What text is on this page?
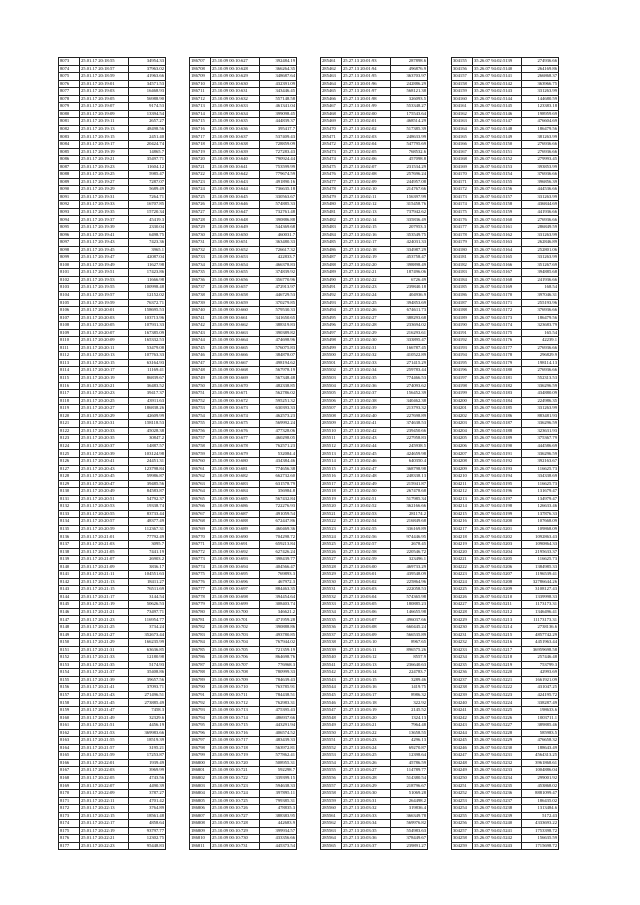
8073	25.01.17 20:18:55	34954.33
8074	25.01.17 20:18:57	37963.02
8075	25.01.17 20:18:59	41963.66
8076	25.01.17 20:19:01	34571.53
8077	25.01.17 20:19:03	16468.93
8078	25.01.17 20:19:05	56988.90
8079	25.01.17 20:19:07	9174.53
8080	25.01.17 20:19:09	13394.54
8081	25.01.17 20:19:11	2657.27
8082	25.01.17 20:19:13	48498.56
8083	25.01.17 20:19:15	2451.40
8084	25.01.17 20:19:17	20424.74
8085	25.01.17 20:19:19	14865.7
8086	25.01.17 20:19:21	35497.71
8087	25.01.17 20:19:23	11604.12
8088	25.01.17 20:19:25	5985.47
8089	25.01.17 20:19:27	7287.07
8090	25.01.17 20:19:29	5689.49
8091	25.01.17 20:19:31	7264.71
8092	25.01.17 20:19:33	16707.85
8093	25.01.17 20:19:35	15720.34
8094	25.01.17 20:19:37	45419.3
8095	25.01.17 20:19:39	2330.04
8096	25.01.17 20:19:41	6498.75
8097	25.01.17 20:19:43	7423.36
8098	25.01.17 20:19:45	3965.1
8099	25.01.17 20:19:47	42087.04
8100	25.01.17 20:19:49	11627.98
8101	25.01.17 20:19:51	17423.86
8102	25.01.17 20:19:53	11666.98
8103	25.01.17 20:19:55	100998.48
8104	25.01.17 20:19:57	12152.02
8105	25.01.17 20:19:59	76372.71
8106	25.01.17 20:20:01	158695.53
8107	25.01.17 20:20:03	103713.96
8108	25.01.17 20:20:05	107931.33
8109	25.01.17 20:20:07	167385.09
8110	25.01.17 20:20:09	165332.53
8111	25.01.17 20:20:11	53479.08
8112	25.01.17 20:20:13	107763.33
8113	25.01.17 20:20:15	63164.93
8114	25.01.17 20:20:17	11169.41
8115	25.01.17 20:20:19	86839.67
8116	25.01.17 20:20:21	36483.52
8117	25.01.17 20:20:23	39417.37
8118	25.01.17 20:20:25	43911.63
8119	25.01.17 20:20:27	186838.26
8120	25.01.17 20:20:29	42609.99
8121	25.01.17 20:20:31	158118.53
8122	25.01.17 20:20:33	45028.38
8123	25.01.17 20:20:35	30847.2
8124	25.01.17 20:20:37	14887.57
8125	25.01.17 20:20:39	103124.98
8126	25.01.17 20:20:41	24451.31
8127	25.01.17 20:20:43	123798.84
8128	25.01.17 20:20:45	59986.87
8129	25.01.17 20:20:47	39485.56
8130	25.01.17 20:20:49	84583.87
8131	25.01.17 20:20:51	54792.37
8132	25.01.17 20:20:53	19338.74
8133	25.01.17 20:20:55	83733.44
8134	25.01.17 20:20:57	48377.49
8135	25.01.17 20:20:59	112367.31
8136	25.01.17 20:21:01	77792.49
8137	25.01.17 20:21:03	3095.7
8138	25.01.17 20:21:05	7441.19
8139	25.01.17 20:21:07	26903.2
8140	25.01.17 20:21:09	3836.17
8141	25.01.17 20:21:11	104551.63
8142	25.01.17 20:21:13	18411.27
8143	25.01.17 20:21:15	76511.69
8144	25.01.17 20:21:17	3144.54
8145	25.01.17 20:21:19	50626.53
8146	25.01.17 20:21:21	73497.71
8147	25.01.17 20:21:23	116954.77
8148	25.01.17 20:21:25	3734.24
8149	25.01.17 20:21:27	352673.44
8150	25.01.17 20:21:29	166235.99
8151	25.01.17 20:21:31	63636.85
8152	25.01.17 20:21:33	12180.98
8153	25.01.17 20:21:35	5174.93
8154	25.01.17 20:21:37	35408.86
8155	25.01.17 20:21:39	39657.56
8156	25.01.17 20:21:41	37093.71
8157	25.01.17 20:21:43	271496.51
8158	25.01.17 20:21:45	273885.49
8159	25.01.17 20:21:47	7458.3
8160	25.01.17 20:21:49	32329.6
8161	25.01.17 20:21:51	4456.19
8162	25.01.17 20:21:53	369983.66
8163	25.01.17 20:21:55	18519.39
8164	25.01.17 20:21:57	3195.21
8165	25.01.17 20:21:59	17253.87
8166	25.01.17 20:22:01	1939.49
8167	25.01.17 20:22:03	3969.99
8168	25.01.17 20:22:05	4743.56
8169	25.01.17 20:22:07	4490.39
8170	25.01.17 20:22:09	3787.27
8171	25.01.17 20:22:11	4701.42
8172	25.01.17 20:22:13	3764.89
8173	25.01.17 20:22:15	18561.48
8174	25.01.17 20:22:17	4858.64
8175	25.01.17 20:22:19	93797.77
8176	25.01.17 20:22:21	12302.75
8177	25.01.17 20:22:23	95448.83
186707	25.10.09 00:10:627	392484.19
186708	25.10.09 00:10:628	366264.35
186709	25.10.09 00:10:629	348687.64
186710	25.10.09 00:10:630	432391.09
186711	25.10.09 00:10:631	343446.45
186712	25.10.09 00:10:632	557148.58
186713	25.10.09 00:10:633	461341.04
186714	25.10.09 00:10:634	399098.45
186715	25.10.09 00:10:635	444839.37
186716	25.10.09 00:10:636	395417.7
186717	25.10.09 00:10:637	537409.43
186718	25.10.09 00:10:638	728859.09
186719	25.10.09 00:10:639	727283.43
186720	25.10.09 00:10:640	790924.44
186721	25.10.09 00:10:641	753599.99
186722	25.10.09 00:10:642	779674.59
186723	25.10.09 00:10:643	491890.16
186724	25.10.09 00:10:644	736635.18
186725	25.10.09 00:10:645	330563.67
186726	25.10.09 00:10:646	574885.33
186727	25.10.09 00:10:647	732761.48
186728	25.10.09 00:10:648	390886.88
186729	25.10.09 00:10:649	544369.68
186730	25.10.09 00:10:650	460031.7
186731	25.10.09 00:10:651	363480.33
186732	25.10.09 00:10:652	726617.32
186733	25.10.09 00:10:653	422833.7
186734	25.10.09 00:10:654	466378.83
186735	25.10.09 00:10:655	374839.92
186736	25.10.09 00:10:656	356770.96
186737	25.10.09 00:10:657	472913.97
186738	25.10.09 00:10:658	446729.53
186739	25.10.09 00:10:659	370279.85
186740	25.10.09 00:10:660	579530.33
186741	25.10.09 00:10:661	341650.65
186742	25.10.09 00:10:662	388319.83
186743	25.10.09 00:10:663	390389.82
186744	25.10.09 00:10:664	474698.96
186745	25.10.09 00:10:665	576075.83
186746	25.10.09 00:10:666	384878.07
186747	25.10.09 00:10:667	498194.62
186748	25.10.09 00:10:668	567978.19
186749	25.10.09 00:10:669	567348.48
186750	25.10.09 00:10:670	482338.85
186751	25.10.09 00:10:671	562786.02
186752	25.10.09 00:10:672	595251.32
186753	25.10.09 00:10:673	630393.33
186754	25.10.09 00:10:674	462573.23
186755	25.10.09 00:10:675	569992.24
186756	25.10.09 00:10:676	477328.06
186757	25.10.09 00:10:677	460298.05
186758	25.10.09 00:10:678	762571.23
186759	25.10.09 00:10:679	532084.4
186760	25.10.09 00:10:680	434384.46
186761	25.10.09 00:10:681	774656.38
186762	25.10.09 00:10:682	662732.60
186763	25.10.09 00:10:683	631578.79
186764	25.10.09 00:10:684	356984.8
186765	25.10.09 00:10:685	567432.84
186766	25.10.09 00:10:686	722276.93
186767	25.10.09 00:10:687	491059.54
186768	25.10.09 00:10:688	672447.86
186769	25.10.09 00:10:689	460469.36
186770	25.10.09 00:10:690	704298.72
186771	25.10.09 00:10:691	659213.84
186772	25.10.09 00:10:692	627426.24
186773	25.10.09 00:10:693	398439.77
186774	25.10.09 00:10:694	404566.47
186775	25.10.09 00:10:695	769893.3
186776	25.10.09 00:10:696	467972.3
186777	25.10.09 00:10:697	884463.35
186778	25.10.09 00:10:698	394454.64
186779	25.10.09 00:10:699	308403.74
186780	25.10.09 00:10:700	346621.2
186781	25.10.09 00:10:701	471959.28
186782	25.10.09 00:10:702	390888.86
186783	25.10.09 00:10:703	493780.85
186784	25.10.09 00:10:704	767944.02
186785	25.10.09 00:10:705	721359.19
186786	25.10.09 00:10:706	864698.76
186787	25.10.09 00:10:707	776968.3
186788	25.10.09 00:10:708	780999.33
186789	25.10.09 00:10:709	784639.43
186790	25.10.09 00:10:710	763785.91
186791	25.10.09 00:10:711	784438.51
186792	25.10.09 00:10:712	762983.31
186793	25.10.09 00:10:713	475395.43
186794	25.10.09 00:10:714	486937.66
186795	25.10.09 00:10:715	443291.94
186796	25.10.09 00:10:716	406574.52
186797	25.10.09 00:10:717	483439.33
186798	25.10.09 00:10:718	563972.81
186799	25.10.09 00:10:719	577862.41
186800	25.10.09 00:10:720	508955.31
186801	25.10.09 00:10:721	592298.7
186802	25.10.09 00:10:722	339399.15
186803	25.10.09 00:10:723	594638.33
186804	25.10.09 00:10:724	397895.11
186805	25.10.09 00:10:725	799385.31
186806	25.10.09 00:10:726	478835.3
186807	25.10.09 00:10:727	388383.95
186808	25.10.09 00:10:728	442683.9
186809	25.10.09 00:10:729	399934.57
186810	25.10.09 00:10:730	433356.66
186811	25.10.09 00:10:731	445373.54
285461	25.27.13 20:01:93	287898.6
285462	25.27.13 20:01:94	496876.9
285463	25.27.13 20:01:95	363703.97
285464	25.27.13 20:01:96	242886.29
285465	25.27.13 20:01:97	568121.38
285466	25.27.13 20:01:98	326093.5
285467	25.27.13 20:01:99	553348.27
285468	25.27.13 20:02:00	175543.64
285469	25.27.13 20:02:01	468514.29
285470	25.27.13 20:02:02	517385.39
285471	25.27.13 20:02:03	248633.99
285472	25.27.13 20:02:04	547795.69
285473	25.27.13 20:02:05	768532.6
285474	25.27.13 20:02:06	457098.8
285475	25.27.13 20:02:07	231534.29
285476	25.27.13 20:02:08	257696.24
285477	25.27.13 20:02:09	244957.08
285478	25.27.13 20:02:10	214767.66
285479	25.27.13 20:02:11	156397.99
285480	25.27.13 20:02:12	315458.76
285481	25.27.13 20:02:13	737942.62
285482	25.27.13 20:02:14	335836.49
285483	25.27.13 20:02:15	207953.3
285484	25.27.13 20:02:16	353549.75
285485	25.27.13 20:02:17	424031.33
285486	25.27.13 20:02:18	334987.29
285487	25.27.13 20:02:19	453758.47
285488	25.27.13 20:02:20	398898.49
285489	25.27.13 20:02:21	187496.06
285490	25.27.13 20:02:22	6726.49
285491	25.27.13 20:02:23	239840.18
285492	25.27.13 20:02:24	404936.9
285493	25.27.13 20:02:25	394853.69
285494	25.27.13 20:02:26	674611.73
285495	25.27.13 20:02:27	388293.68
285496	25.27.13 20:02:28	233694.02
285497	25.27.13 20:02:29	216293.61
285498	25.27.13 20:02:30	333895.47
285499	25.27.13 20:02:31	166787.45
285500	25.27.13 20:02:32	410522.89
285501	25.27.13 20:02:33	271415.29
285502	25.27.13 20:02:34	259783.44
285503	25.27.13 20:02:35	774466.53
285504	25.27.13 20:02:36	274093.62
285505	25.27.13 20:02:37	156452.39
285506	25.27.13 20:02:38	340462.38
285507	25.27.13 20:02:39	213793.32
285508	25.27.13 20:02:40	227698.89
285509	25.27.13 20:02:41	374638.53
285510	25.27.13 20:02:42	239450.66
285511	25.27.13 20:02:43	227958.83
285512	25.27.13 20:02:44	245938.5
285513	25.27.13 20:02:45	424659.98
285514	25.27.13 20:02:46	640350.4
285515	25.27.13 20:02:47	368798.98
285516	25.27.13 20:02:48	248338.13
285517	25.27.13 20:02:49	215941.87
285518	25.27.13 20:02:50	267478.68
285519	25.27.13 20:02:51	517985.34
285520	25.27.13 20:02:52	362166.66
285521	25.27.13 20:02:53	281174.2
285522	25.27.13 20:02:54	216849.68
285523	25.27.13 20:02:55	336169.89
285524	25.27.13 20:02:56	974446.95
285525	25.27.13 20:02:57	2678.45
285526	25.27.13 20:02:58	220546.72
285527	25.27.13 20:02:59	323496.1
285528	25.27.13 20:03:00	469733.29
285529	25.27.13 20:03:01	439548.09
285530	25.27.13 20:03:02	225864.96
285531	25.27.13 20:03:03	222058.53
285532	25.27.13 20:03:04	574365.98
285533	25.27.13 20:03:05	180885.23
285534	25.27.13 20:03:06	146655.98
285535	25.27.13 20:03:07	496037.66
285536	25.27.13 20:03:08	660445.24
285537	25.27.13 20:03:09	566535.89
285538	25.27.13 20:03:10	8967.65
285539	25.27.13 20:03:11	896575.26
285540	25.27.13 20:03:12	8557.9
285541	25.27.13 20:03:13	236640.63
285542	25.27.13 20:03:14	224783.7
285543	25.27.13 20:03:15	3289.46
285544	25.27.13 20:03:16	1419.75
285545	25.27.13 20:03:17	8986.32
285546	25.27.13 20:03:18	322.92
285547	25.27.13 20:03:19	2145.52
285548	25.27.13 20:03:20	1324.13
285549	25.27.13 20:03:21	7964.48
285550	25.27.13 20:03:22	13658.55
285551	25.27.13 20:03:23	4296.13
285552	25.27.13 20:03:24	69270.87
285553	25.27.13 20:03:25	12398.64
285554	25.27.13 20:03:26	45786.59
285555	25.27.13 20:03:27	114789.77
285556	25.27.13 20:03:28	514380.54
285557	25.27.13 20:03:29	218796.67
285558	25.27.13 20:03:30	51069.28
285559	25.27.13 20:03:31	264498.2
285560	25.27.13 20:03:32	319836.4
285561	25.27.13 20:03:33	366349.78
285562	25.27.13 20:03:34	569976.82
285563	25.27.13 20:03:35	554983.63
285564	25.27.13 20:03:36	378449.67
285565	25.27.13 20:03:37	239891.27
304155	35.26.07 94:02:5139	274936.66
304156	35.26.07 94:02:5140	264169.86
304157	35.26.07 94:02:5141	266868.37
304158	35.26.07 94:02:5142	363966.75
304159	35.26.07 94:02:5143	331263.99
304160	35.26.07 94:02:5144	144680.59
304161	35.26.07 94:02:5145	123383.18
304162	35.26.07 94:02:5146	198959.69
304163	35.26.07 94:02:5147	476604.69
304164	35.26.07 94:02:5148	186479.56
304165	35.26.07 94:02:5149	381263.99
304166	35.26.07 94:02:5150	276936.66
304167	35.26.07 94:02:5151	276936.66
304168	35.26.07 94:02:5152	279993.45
304169	35.26.07 94:02:5153	393853.99
304170	35.26.07 94:02:5154	376936.66
304171	35.26.07 94:02:5155	396856.39
304172	35.26.07 94:02:5156	444536.66
304173	35.26.07 94:02:5157	331263.99
304174	35.26.07 94:02:5158	436844.69
304175	35.26.07 94:02:5159	441936.66
304176	35.26.07 94:02:5160	276936.66
304177	35.26.07 94:02:5161	286849.59
304178	35.26.07 94:02:5162	331263.99
304179	35.26.07 94:02:5163	262846.89
304180	35.26.07 94:02:5164	252801.06
304181	35.26.07 94:02:5165	331263.99
304182	35.26.07 94:02:5166	351267.69
304183	35.26.07 94:02:5167	394885.68
304184	35.26.07 94:02:5168	241936.66
304185	35.26.07 94:02:5169	168.54
304186	35.26.07 94:02:5170	397046.31
304187	35.26.07 94:02:5171	255193.96
304188	35.26.07 94:02:5172	376936.66
304189	35.26.07 94:02:5173	186479.56
304190	35.26.07 94:02:5174	323683.79
304191	35.26.07 94:02:5175	165.54
304192	35.26.07 94:02:5176	42239.1
304193	35.26.07 94:02:5177	276936.66
304194	35.26.07 94:02:5178	296829.9
304195	35.26.07 94:02:5179	198114.13
304196	35.26.07 94:02:5180	276936.66
304197	35.26.07 94:02:5181	552313.53
304198	35.26.07 94:02:5182	336296.59
304199	35.26.07 94:02:5183	434880.09
304200	35.26.07 94:02:5184	224986.35
304201	35.26.07 94:02:5185	331263.99
304202	35.26.07 94:02:5186	883481.93
304203	35.26.07 94:02:5187	336296.59
304204	35.26.07 94:02:5188	323631.93
304205	35.26.07 94:02:5189	375367.79
304206	35.26.07 94:02:5190	444586.69
304207	35.26.07 94:02:5191	336296.59
304208	35.26.07 94:02:5192	392163.67
304209	35.26.07 94:02:5193	116625.73
304210	35.26.07 94:02:5194	334338.69
304211	35.26.07 94:02:5195	116625.73
304212	35.26.07 94:02:5196	131679.47
304213	35.26.07 94:02:5197	134979.47
304214	35.26.07 94:02:5198	126633.46
304215	35.26.07 94:02:5199	137876.33
304216	35.26.07 94:02:5200	107668.09
304217	35.26.07 94:02:5201	109868.09
304218	35.26.07 94:02:5202	1092863.43
304219	35.26.07 94:02:5203	1090864.33
304220	35.26.07 94:02:5204	2195633.37
304221	35.26.07 94:02:5205	116625.73
304222	35.26.07 94:02:5206	1384985.33
304223	35.26.07 94:02:5207	1196539.41
304224	35.26.07 94:02:5208	32786644.26
304225	35.26.07 94:02:5209	3108127.43
304226	35.26.07 94:02:5210	1339998.33
304227	35.26.07 94:02:5211	1173173.31
304228	35.26.07 94:02:5212	1346496.41
304229	35.26.07 94:02:5213	11173173.31
304230	35.26.07 94:02:5214	2738136.6
304231	35.26.07 94:02:5215	4857742.29
304232	35.26.07 94:02:5216	4451963.44
304233	35.26.07 94:02:5217	36959698.58
304234	35.26.07 94:02:5218	257446.48
304235	35.26.07 94:02:5219	753799.3
304236	35.26.07 94:02:5220	42993.69
304237	35.26.07 94:02:5221	1661921.09
304238	35.26.07 94:02:5222	431047.25
304239	35.26.07 94:02:5223	424195.72
304240	35.26.07 94:02:5224	338287.49
304241	35.26.07 94:02:5225	198633.6
304242	35.26.07 94:02:5226	1003711.1
304243	35.26.07 94:02:5227	389885.46
304244	35.26.07 94:02:5228	585983.5
304245	35.26.07 94:02:5229	476658.32
304246	35.26.07 94:02:5230	188643.49
304247	35.26.07 94:02:5231	4564313.25
304248	35.26.07 94:02:5232	3961868.61
304249	35.26.07 94:02:5233	1004886.04
304250	35.26.07 94:02:5234	299001.92
304251	35.26.07 94:02:5235	453868.02
304252	35.26.07 94:02:5236	8881099.47
304253	35.26.07 94:02:5237	186435.02
304254	35.26.07 94:02:5238	1313484.6
304255	35.26.07 94:02:5239	5172.43
304256	35.26.07 94:02:5240	4333693.22
304257	35.26.07 94:02:5241	1753398.72
304258	35.26.07 94:02:5242	156635.59
304259	35.26.07 94:02:5243	1715698.72
